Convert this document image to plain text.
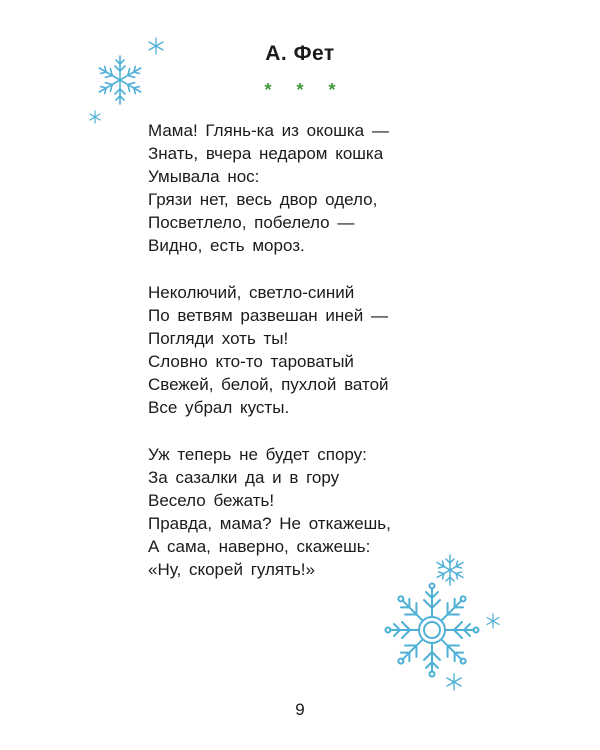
А. Фет
* * *
Мама! Глянь-ка из окошка —
Знать, вчера недаром кошка
Умывала нос:
Грязи нет, весь двор одело,
Посветлело, побелело —
Видно, есть мороз.
Неколючий, светло-синий
По ветвям развешан иней —
Погляди хоть ты!
Словно кто-то тароватый
Свежей, белой, пухлой ватой
Все убрал кусты.
Уж теперь не будет спору:
За сазалки да и в гору
Весело бежать!
Правда, мама? Не откажешь,
А сама, наверно, скажешь:
«Ну, скорей гулять!»
9
